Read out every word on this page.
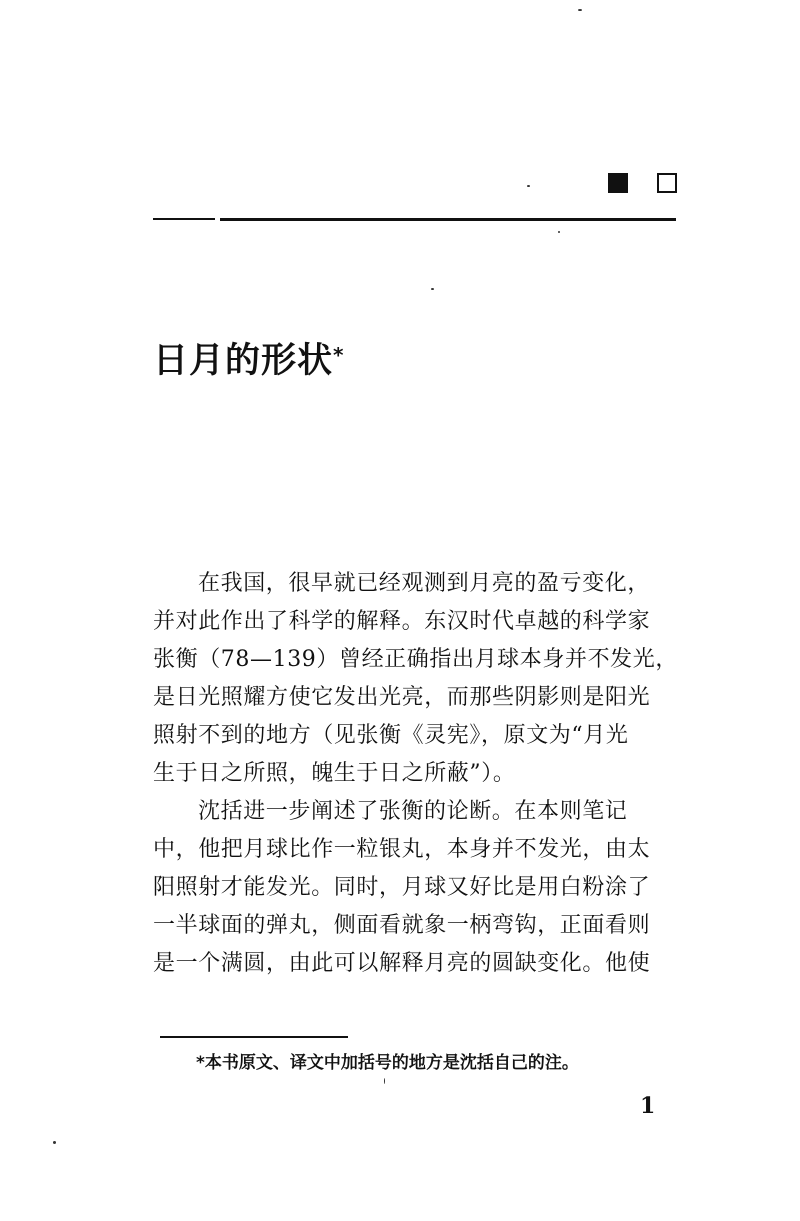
日月的形状*
在我国，很早就已经观测到月亮的盈亏变化，
并对此作出了科学的解释。东汉时代卓越的科学家
张衡（78—139）曾经正确指出月球本身并不发光，
是日光照耀方使它发出光亮，而那些阴影则是阳光
照射不到的地方（见张衡《灵宪》，原文为“月光
生于日之所照，魄生于日之所蔽”）。
沈括进一步阐述了张衡的论断。在本则笔记
中，他把月球比作一粒银丸，本身并不发光，由太
阳照射才能发光。同时，月球又好比是用白粉涂了
一半球面的弹丸，侧面看就象一柄弯钩，正面看则
是一个满圆，由此可以解释月亮的圆缺变化。他使
*本书原文、译文中加括号的地方是沈括自己的注。
1
